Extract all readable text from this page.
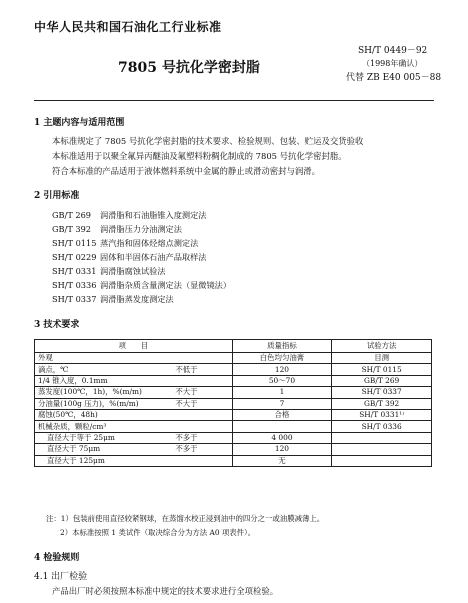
中华人民共和国石油化工行业标准
SH/T 0449－92
（1998年确认）
代替 ZB E40 005－88
7805 号抗化学密封脂
1 主题内容与适用范围
本标准规定了 7805 号抗化学密封脂的技术要求、检验规则、包装、贮运及交货验收
本标准适用于以聚全氟异丙醚油及氟塑料粉稠化制成的 7805 号抗化学密封脂。
符合本标准的产品适用于液体燃料系统中金属的静止或滑动密封与润滑。
2 引用标准
GB/T 269 润滑脂和石油脂锥入度测定法
GB/T 392 润滑脂压力分油测定法
SH/T 0115 蒸汽指和固体烃熔点测定法
SH/T 0229 固体和半固体石油产品取样法
SH/T 0331 润滑脂腐蚀试验法
SH/T 0336 润滑脂杂质含量测定法（显微镜法）
SH/T 0337 润滑脂蒸发度测定法
3 技术要求
项　　目		质量指标	试验方法
外观		白色均匀油膏	目测
滴点，℃	不低于	120	SH/T 0115
1/4 锥入度，0.1mm		50～70	GB/T 269
蒸发度(100℃，1h)，%(m/m)	不大于	1	SH/T 0337
分油量(100g 压力)，%(m/m)	不大于	7	GB/T 392
腐蚀(50℃，48h)		合格	SH/T 0331¹⁾
机械杂质，颗粒/cm³			SH/T 0336
直径大于等于 25μm	不多于	4 000	
直径大于 75μm	不多于	120	
直径大于 125μm		无	
注：1）包装前使用直径较紧钢球，在蒸馏水校正浸到油中的四分之一或油膜减薄上。
2）本标准按照 1 类试件（取决综合分为方法 A0 项表件）。
4 检验规则
4.1 出厂检验
产品出厂时必须按照本标准中规定的技术要求进行全项检验。
